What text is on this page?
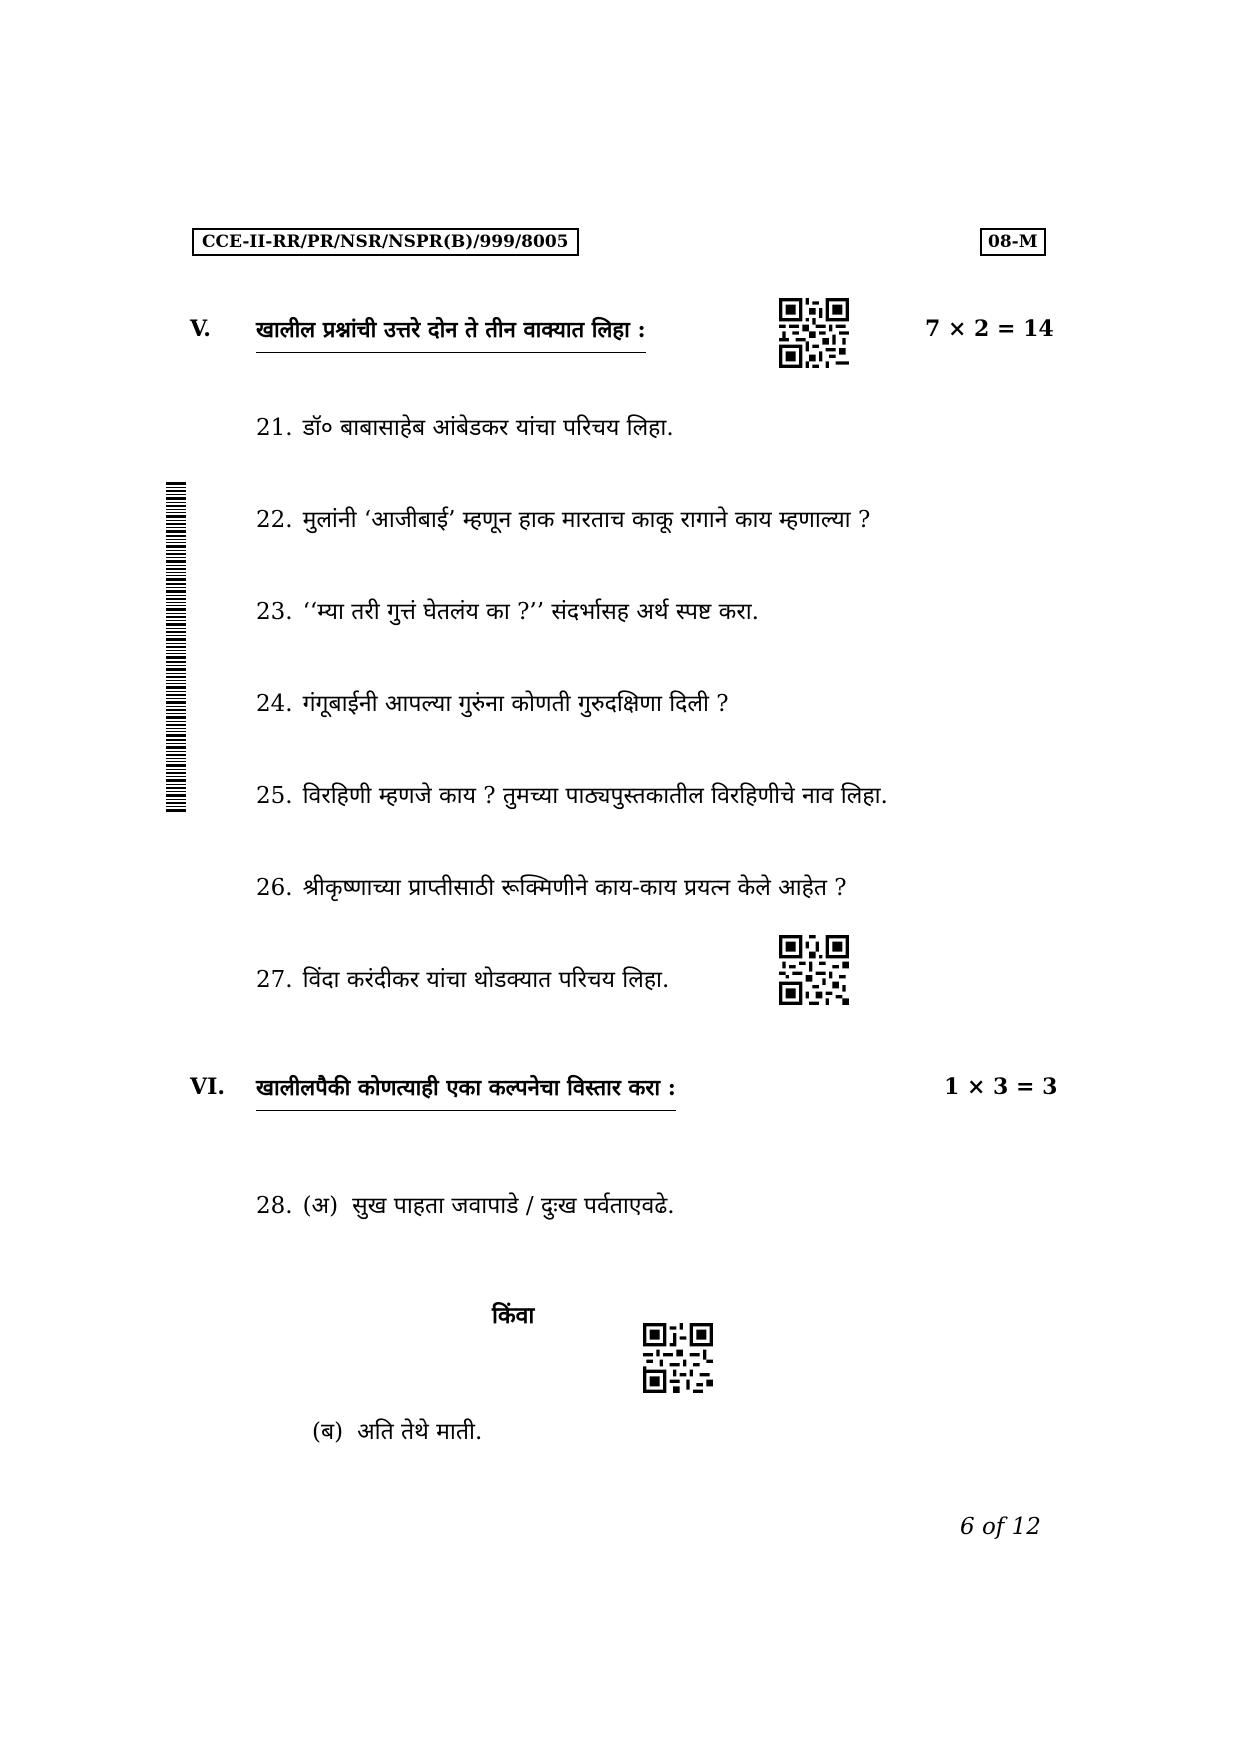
CCE-II-RR/PR/NSR/NSPR(B)/999/8005	08-M
V. खालील प्रश्नांची उत्तरे दोन ते तीन वाक्यात लिहा :	7 × 2 = 14
21. डॉ० बाबासाहेब आंबेडकर यांचा परिचय लिहा.
22. मुलांनी ‘आजीबाई’ म्हणून हाक मारताच काकू रागाने काय म्हणाल्या ?
23. ‘‘म्या तरी गुत्तं घेतलंय का ?’’ संदर्भासह अर्थ स्पष्ट करा.
24. गंगूबाईनी आपल्या गुरुंना कोणती गुरुदक्षिणा दिली ?
25. विरहिणी म्हणजे काय ? तुमच्या पाठ्यपुस्तकातील विरहिणीचे नाव लिहा.
26. श्रीकृष्णाच्या प्राप्तीसाठी रूक्मिणीने काय-काय प्रयत्न केले आहेत ?
27. विंदा करंदीकर यांचा थोडक्यात परिचय लिहा.
VI. खालीलपैकी कोणत्याही एका कल्पनेचा विस्तार करा :	1 × 3 = 3
28. (अ) सुख पाहता जवापाडे / दुःख पर्वताएवढे.
किंवा
(ब) अति तेथे माती.
6 of 12
